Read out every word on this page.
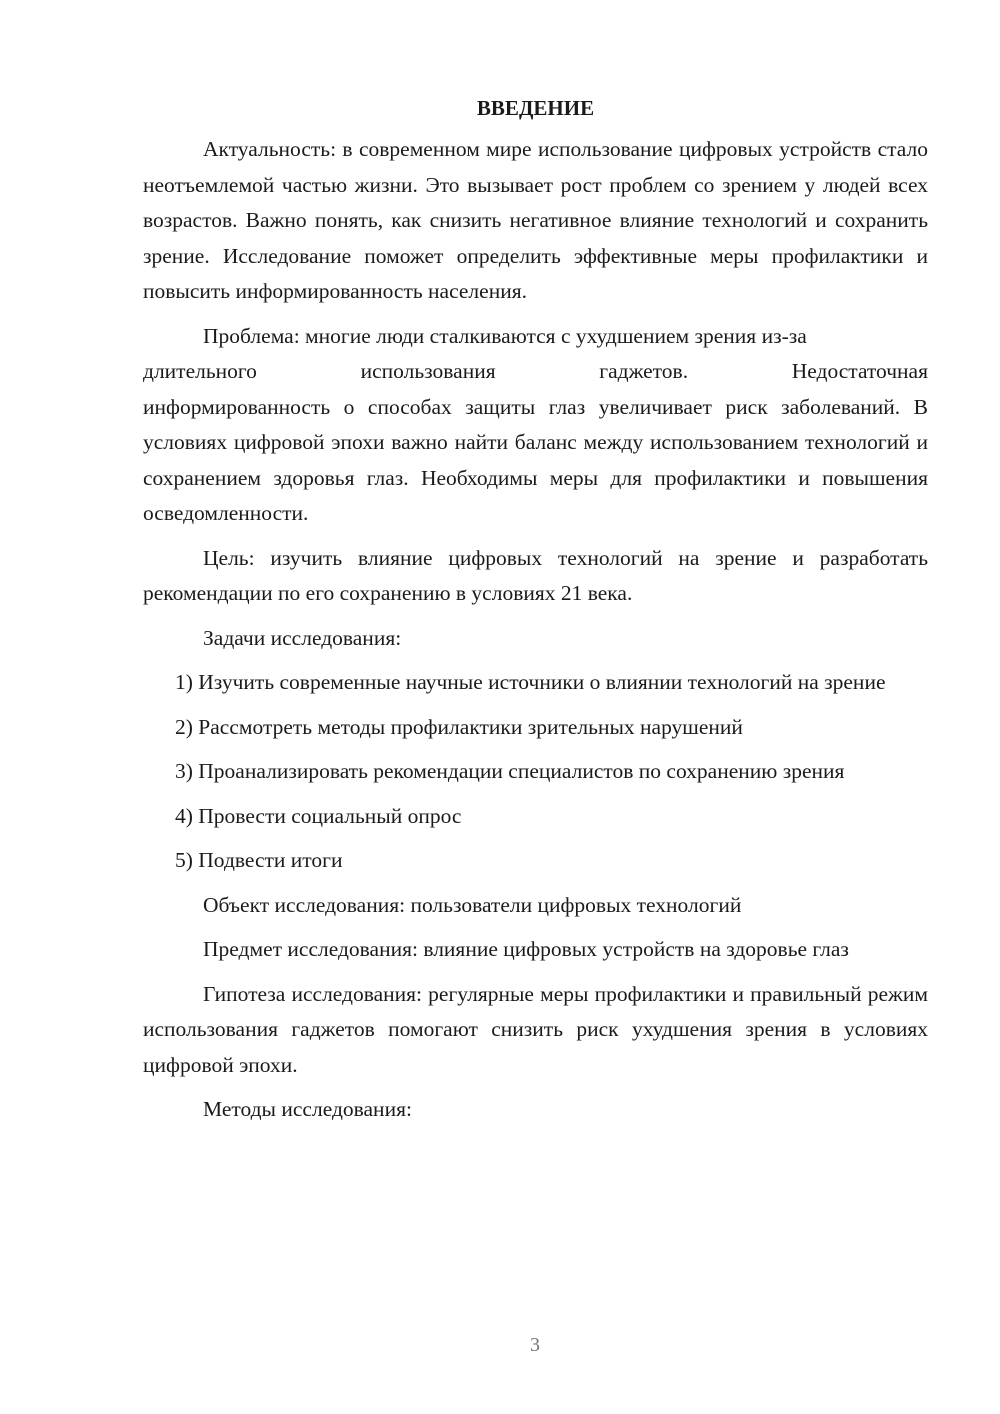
ВВЕДЕНИЕ
Актуальность: в современном мире использование цифровых устройств стало неотъемлемой частью жизни. Это вызывает рост проблем со зрением у людей всех возрастов. Важно понять, как снизить негативное влияние технологий и сохранить зрение. Исследование поможет определить эффективные меры профилактики и повысить информированность населения.
Проблема: многие люди сталкиваются с ухудшением зрения из-за
длительного использования гаджетов. Недостаточная
информированность о способах защиты глаз увеличивает риск заболеваний. В условиях цифровой эпохи важно найти баланс между использованием технологий и сохранением здоровья глаз. Необходимы меры для профилактики и повышения осведомленности.
Цель: изучить влияние цифровых технологий на зрение и разработать рекомендации по его сохранению в условиях 21 века.
Задачи исследования:
1) Изучить современные научные источники о влиянии технологий на зрение
2) Рассмотреть методы профилактики зрительных нарушений
3) Проанализировать рекомендации специалистов по сохранению зрения
4) Провести социальный опрос
5) Подвести итоги
Объект исследования: пользователи цифровых технологий
Предмет исследования: влияние цифровых устройств на здоровье глаз
Гипотеза исследования: регулярные меры профилактики и правильный режим использования гаджетов помогают снизить риск ухудшения зрения в условиях цифровой эпохи.
Методы исследования:
3
